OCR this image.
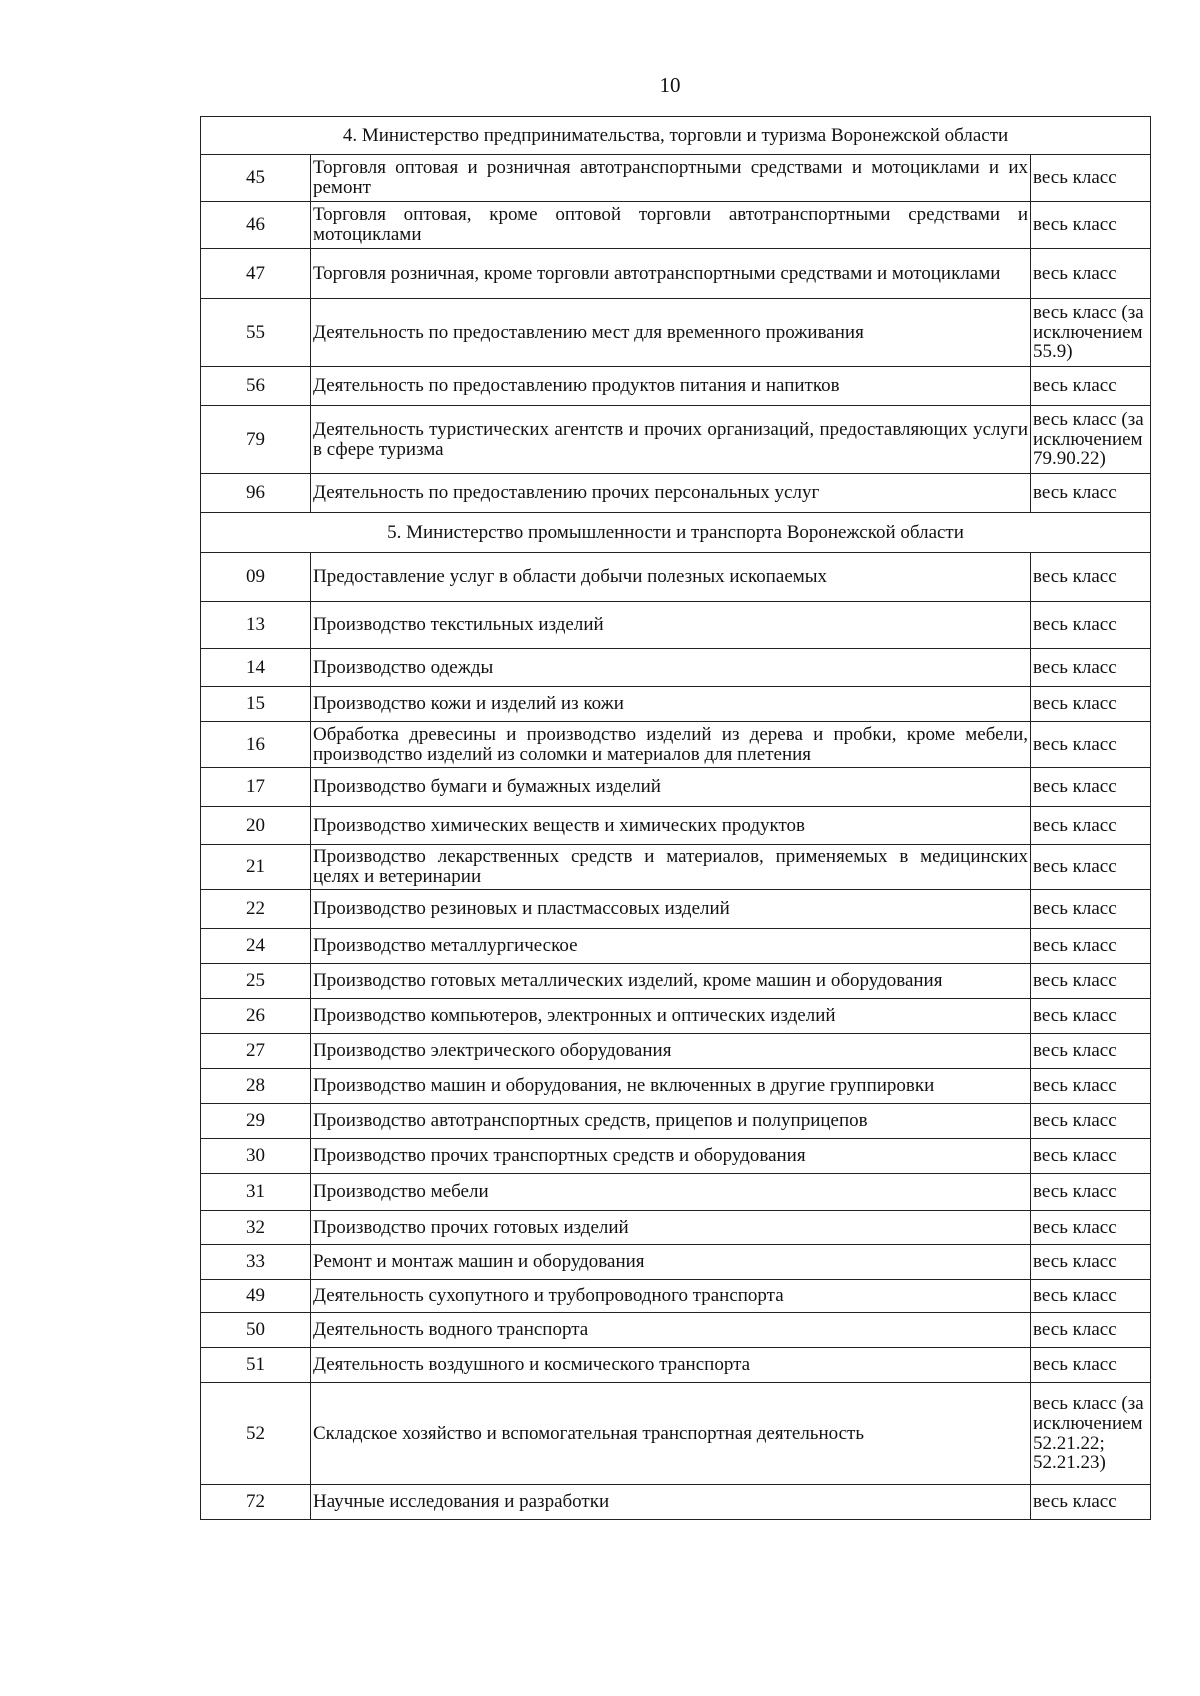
10
4. Министерство предпринимательства, торговли и туризма Воронежской области		
45	Торговля оптовая и розничная автотранспортными средствами и мотоциклами и их ремонт	весь класс
46	Торговля оптовая, кроме оптовой торговли автотранспортными средствами и мотоциклами	весь класс
47	Торговля розничная, кроме торговли автотранспортными средствами и мотоциклами	весь класс
55	Деятельность по предоставлению мест для временного проживания	весь класс (за исключением 55.9)
56	Деятельность по предоставлению продуктов питания и напитков	весь класс
79	Деятельность туристических агентств и прочих организаций, предоставляющих услуги в сфере туризма	весь класс (за исключением 79.90.22)
96	Деятельность по предоставлению прочих персональных услуг	весь класс
5. Министерство промышленности и транспорта Воронежской области		
09	Предоставление услуг в области добычи полезных ископаемых	весь класс
13	Производство текстильных изделий	весь класс
14	Производство одежды	весь класс
15	Производство кожи и изделий из кожи	весь класс
16	Обработка древесины и производство изделий из дерева и пробки, кроме мебели, производство изделий из соломки и материалов для плетения	весь класс
17	Производство бумаги и бумажных изделий	весь класс
20	Производство химических веществ и химических продуктов	весь класс
21	Производство лекарственных средств и материалов, применяемых в медицинских целях и ветеринарии	весь класс
22	Производство резиновых и пластмассовых изделий	весь класс
24	Производство металлургическое	весь класс
25	Производство готовых металлических изделий, кроме машин и оборудования	весь класс
26	Производство компьютеров, электронных и оптических изделий	весь класс
27	Производство электрического оборудования	весь класс
28	Производство машин и оборудования, не включенных в другие группировки	весь класс
29	Производство автотранспортных средств, прицепов и полуприцепов	весь класс
30	Производство прочих транспортных средств и оборудования	весь класс
31	Производство мебели	весь класс
32	Производство прочих готовых изделий	весь класс
33	Ремонт и монтаж машин и оборудования	весь класс
49	Деятельность сухопутного и трубопроводного транспорта	весь класс
50	Деятельность водного транспорта	весь класс
51	Деятельность воздушного и космического транспорта	весь класс
52	Складское хозяйство и вспомогательная транспортная деятельность	весь класс (за исключением 52.21.22; 52.21.23)
72	Научные исследования и разработки	весь класс
